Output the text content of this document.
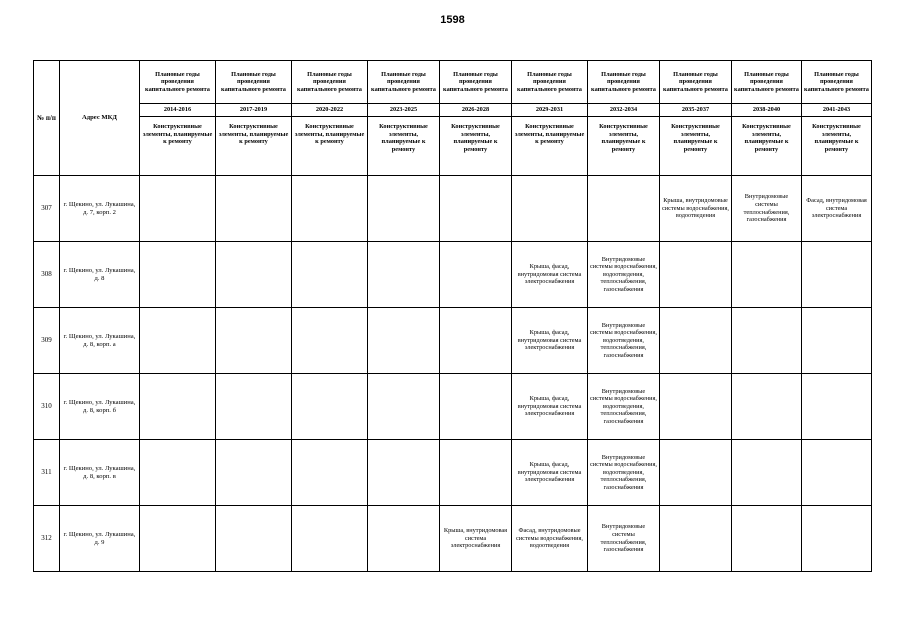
1598
№ п/п	Адрес МКД	Плановые годы проведения капитального ремонта	Плановые годы проведения капитального ремонта	Плановые годы проведения капитального ремонта	Плановые годы проведения капитального ремонта	Плановые годы проведения капитального ремонта	Плановые годы проведения капитального ремонта	Плановые годы проведения капитального ремонта	Плановые годы проведения капитального ремонта	Плановые годы проведения капитального ремонта	Плановые годы проведения капитального ремонта
		2014-2016	2017-2019	2020-2022	2023-2025	2026-2028	2029-2031	2032-2034	2035-2037	2038-2040	2041-2043
		Конструктивные элементы, планируемые к ремонту	Конструктивные элементы, планируемые к ремонту	Конструктивные элементы, планируемые к ремонту	Конструктивные элементы, планируемые к ремонту	Конструктивные элементы, планируемые к ремонту	Конструктивные элементы, планируемые к ремонту	Конструктивные элементы, планируемые к ремонту	Конструктивные элементы, планируемые к ремонту	Конструктивные элементы, планируемые к ремонту	Конструктивные элементы, планируемые к ремонту
307	г. Щекино, ул. Лукашина, д. 7, корп. 2								Крыша, внутридомовые системы водоснабжения, водоотведения	Внутридомовые системы теплоснабжения, газоснабжения	Фасад, внутридомовая система электроснабжения
308	г. Щекино, ул. Лукашина, д. 8						Крыша, фасад, внутридомовая система электроснабжения	Внутридомовые системы водоснабжения, водоотведения, теплоснабжения, газоснабжения			
309	г. Щекино, ул. Лукашина, д. 8, корп. а						Крыша, фасад, внутридомовая система электроснабжения	Внутридомовые системы водоснабжения, водоотведения, теплоснабжения, газоснабжения			
310	г. Щекино, ул. Лукашина, д. 8, корп. б						Крыша, фасад, внутридомовая система электроснабжения	Внутридомовые системы водоснабжения, водоотведения, теплоснабжения, газоснабжения			
311	г. Щекино, ул. Лукашина, д. 8, корп. в						Крыша, фасад, внутридомовая система электроснабжения	Внутридомовые системы водоснабжения, водоотведения, теплоснабжения, газоснабжения			
312	г. Щекино, ул. Лукашина, д. 9					Крыша, внутридомовая система электроснабжения	Фасад, внутридомовые системы водоснабжения, водоотведения	Внутридомовые системы теплоснабжения, газоснабжения			
